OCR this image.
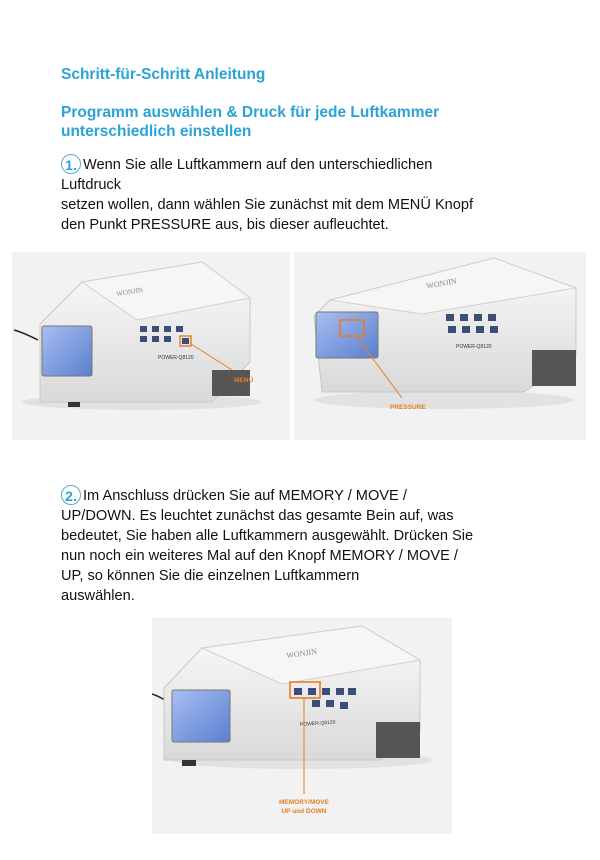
Schritt-für-Schritt Anleitung
Programm auswählen & Druck für jede Luftkammer
unterschiedlich einstellen

1. Wenn Sie alle Luftkammern auf den unterschiedlichen

Luftdruck

setzen wollen, dann wählen Sie zunächst mit dem MENÜ Knopf

den Punkt PRESSURE aus, bis dieser aufleuchtet.

WONJIN
POWER-Q8120
MENÜ
WONJIN
POWER-Q8120
PRESSURE

2. Im Anschluss drücken Sie auf MEMORY / MOVE /

UP/DOWN. Es leuchtet zunächst das gesamte Bein auf, was

bedeutet, Sie haben alle Luftkammern ausgewählt. Drücken Sie

nun noch ein weiteres Mal auf den Knopf MEMORY / MOVE /

UP, so können Sie die einzelnen Luftkammern

auswählen.

WONJIN
POWER-Q8120
MEMORY/MOVE
UP und DOWN
